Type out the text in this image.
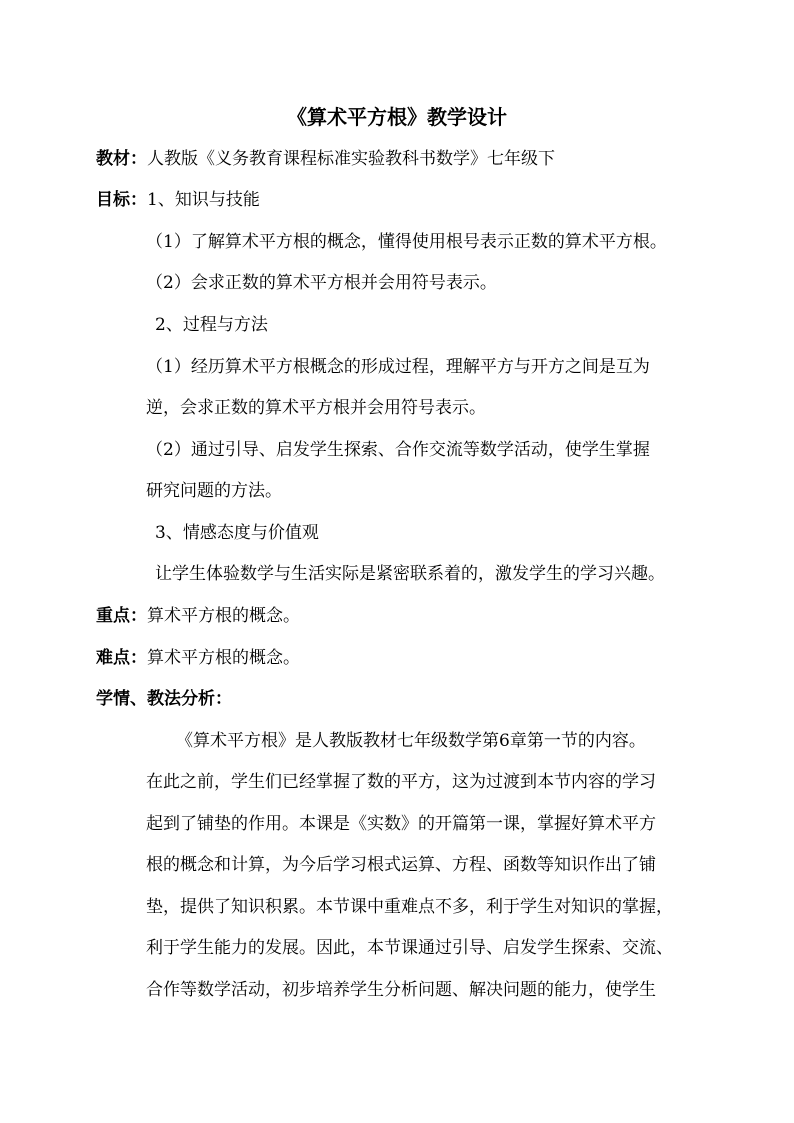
《算术平方根》教学设计
教材：人教版《义务教育课程标准实验教科书数学》七年级下
目标：1、知识与技能
（1）了解算术平方根的概念，懂得使用根号表示正数的算术平方根。
（2）会求正数的算术平方根并会用符号表示。
2、过程与方法
（1）经历算术平方根概念的形成过程，理解平方与开方之间是互为
逆，会求正数的算术平方根并会用符号表示。
（2）通过引导、启发学生探索、合作交流等数学活动，使学生掌握
研究问题的方法。
3、情感态度与价值观
让学生体验数学与生活实际是紧密联系着的，激发学生的学习兴趣。
重点：算术平方根的概念。
难点：算术平方根的概念。
学情、教法分析：
《算术平方根》是人教版教材七年级数学第6章第一节的内容。
在此之前，学生们已经掌握了数的平方，这为过渡到本节内容的学习
起到了铺垫的作用。本课是《实数》的开篇第一课，掌握好算术平方
根的概念和计算，为今后学习根式运算、方程、函数等知识作出了铺
垫，提供了知识积累。本节课中重难点不多，利于学生对知识的掌握，
利于学生能力的发展。因此，本节课通过引导、启发学生探索、交流、
合作等数学活动，初步培养学生分析问题、解决问题的能力，使学生
